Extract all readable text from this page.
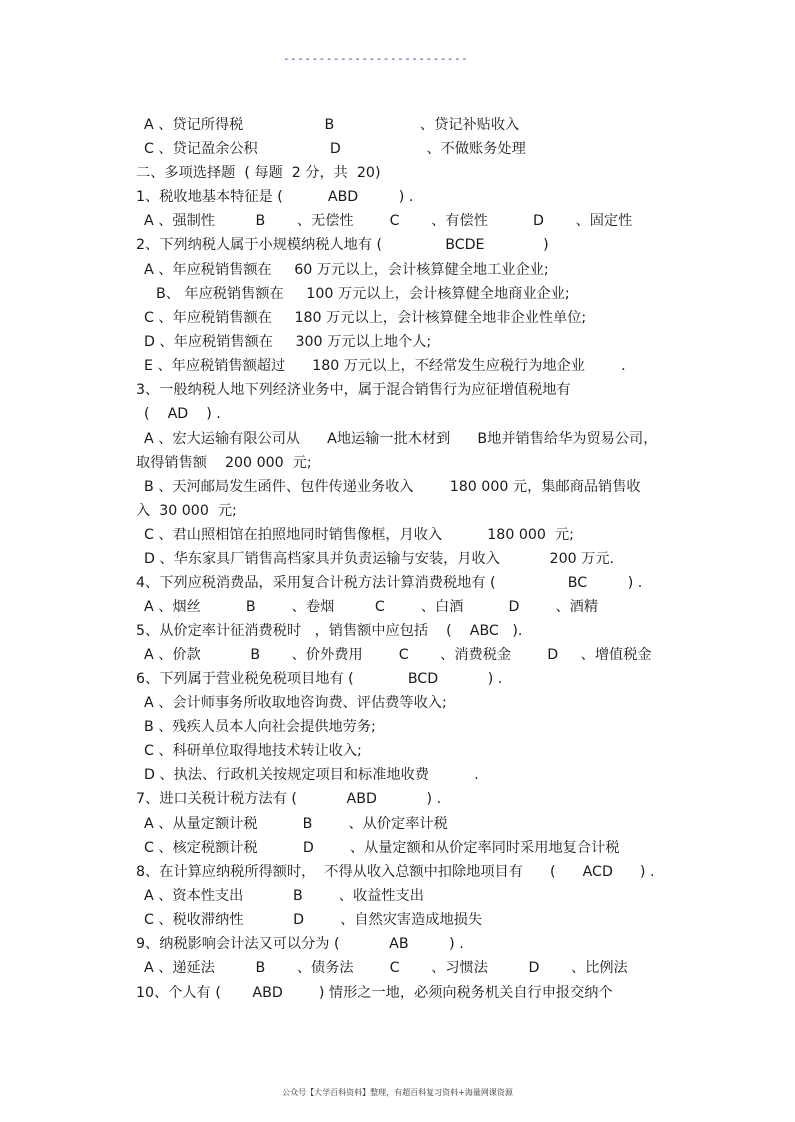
--------------------------
A 、贷记所得税                  B                   、贷记补贴收入
C 、贷记盈余公积                D                   、不做账务处理
二、多项选择题  ( 每题  2 分，共  20)
1、税收地基本特征是 (          ABD         ) .
A 、强制性         B       、无偿性        C       、有偿性          D       、固定性
2、下列纳税人属于小规模纳税人地有 (              BCDE             )
A 、年应税销售额在     60 万元以上，会计核算健全地工业企业;
B、 年应税销售额在     100 万元以上，会计核算健全地商业企业;
C 、年应税销售额在     180 万元以上，会计核算健全地非企业性单位;
D 、年应税销售额在     300 万元以上地个人;
E 、年应税销售额超过      180 万元以上，不经常发生应税行为地企业        .
3、一般纳税人地下列经济业务中，属于混合销售行为应征增值税地有
(    AD    ) .
A 、宏大运输有限公司从      A地运输一批木材到      B地并销售给华为贸易公司，
取得销售额    200 000  元;
B 、天河邮局发生函件、包件传递业务收入        180 000 元，集邮商品销售收
入  30 000  元;
C 、君山照相馆在拍照地同时销售像框，月收入          180 000  元;
D 、华东家具厂销售高档家具并负责运输与安装，月收入           200 万元.
4、下列应税消费品，采用复合计税方法计算消费税地有 (                BC         ) .
A 、烟丝          B        、卷烟         C        、白酒          D        、酒精
5、从价定率计征消费税时   ，销售额中应包括    (    ABC   ).
A 、价款           B       、价外费用        C       、消费税金        D     、增值税金
6、下列属于营业税免税项目地有 (            BCD           ) .
A 、会计师事务所收取地咨询费、评估费等收入;
B 、残疾人员本人向社会提供地劳务;
C 、科研单位取得地技术转让收入;
D 、执法、行政机关按规定项目和标准地收费          .
7、进口关税计税方法有 (           ABD           ) .
A 、从量定额计税          B        、从价定率计税
C 、核定税额计税          D        、从量定额和从价定率同时采用地复合计税
8、在计算应纳税所得额时，  不得从收入总额中扣除地项目有      (      ACD      ) .
A 、资本性支出           B        、收益性支出
C 、税收滞纳性           D        、自然灾害造成地损失
9、纳税影响会计法又可以分为 (           AB         ) .
A 、递延法         B       、债务法        C       、习惯法         D       、比例法
10、个人有 (       ABD        ) 情形之一地，必须向税务机关自行申报交纳个
公众号【大学百科资料】整理，有超百科复习资料+海量网课资源
